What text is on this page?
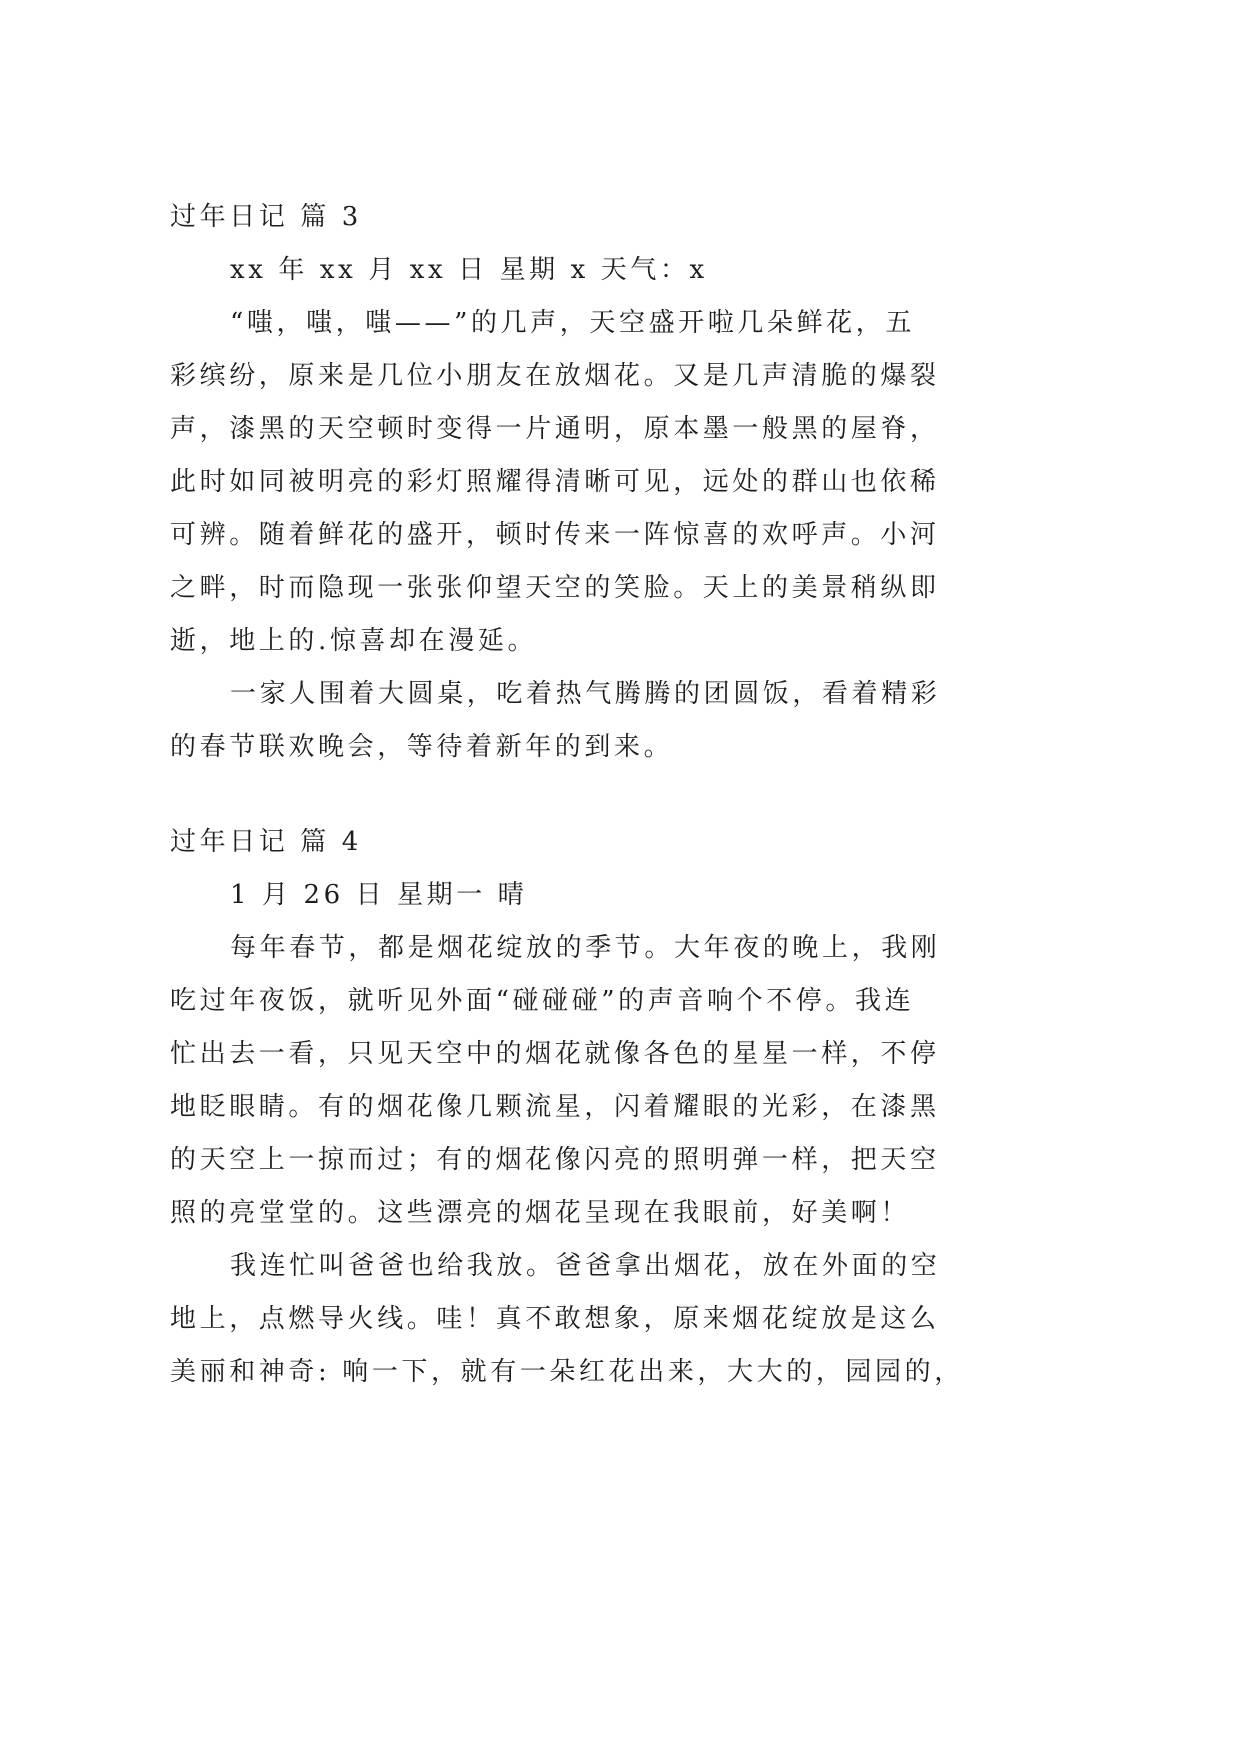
过年日记 篇 3
xx 年 xx 月 xx 日 星期 x 天气：x
“嗤，嗤，嗤——”的几声，天空盛开啦几朵鲜花，五
彩缤纷，原来是几位小朋友在放烟花。又是几声清脆的爆裂
声，漆黑的天空顿时变得一片通明，原本墨一般黑的屋脊，
此时如同被明亮的彩灯照耀得清晰可见，远处的群山也依稀
可辨。随着鲜花的盛开，顿时传来一阵惊喜的欢呼声。小河
之畔，时而隐现一张张仰望天空的笑脸。天上的美景稍纵即
逝，地上的.惊喜却在漫延。
一家人围着大圆桌，吃着热气腾腾的团圆饭，看着精彩
的春节联欢晚会，等待着新年的到来。
过年日记 篇 4
1 月 26 日 星期一 晴
每年春节，都是烟花绽放的季节。大年夜的晚上，我刚
吃过年夜饭，就听见外面“碰碰碰”的声音响个不停。我连
忙出去一看，只见天空中的烟花就像各色的星星一样，不停
地眨眼睛。有的烟花像几颗流星，闪着耀眼的光彩，在漆黑
的天空上一掠而过；有的烟花像闪亮的照明弹一样，把天空
照的亮堂堂的。这些漂亮的烟花呈现在我眼前，好美啊！
我连忙叫爸爸也给我放。爸爸拿出烟花，放在外面的空
地上，点燃导火线。哇！真不敢想象，原来烟花绽放是这么
美丽和神奇: 响一下，就有一朵红花出来，大大的，园园的，
